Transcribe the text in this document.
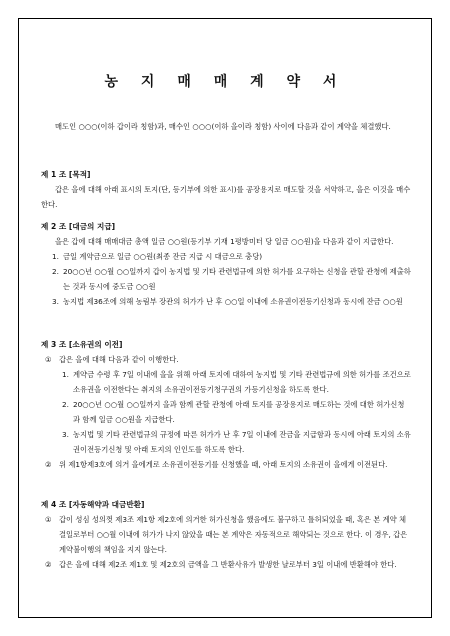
농 지 매 매 계 약 서
매도인 ○○○(이하 갑이라 칭함)과, 매수인 ○○○(이하 을이라 칭함) 사이에 다음과 같이 계약을 체결했다.
제 1 조 [목적]
갑은 을에 대해 아래 표시의 토지(단, 등기부에 의한 표시)를 공장용지로 매도할 것을 서약하고, 을은 이것을 매수한다.
제 2 조 [대금의 지급]
을은 갑에 대해 매매대금 총액 일금 ○○원(등기부 기재 1평방미터 당 일금 ○○원)을 다음과 같이 지급한다.
1. 금일 계약금으로 일금 ○○원(최종 잔금 지급 시 대금으로 충당)
2. 20○○년 ○○월 ○○일까지 갑이 농지법 및 기타 관련법규에 의한 허가를 요구하는 신청을 관할 관청에 제출하는 것과 동시에 중도금 ○○원
3. 농지법 제36조에 의해 농림부 장관의 허가가 난 후 ○○일 이내에 소유권이전등기신청과 동시에 잔금 ○○원
제 3 조 [소유권의 이전]
①	갑은 을에 대해 다음과 같이 이행한다.
1. 계약금 수령 후 7일 이내에 을을 위해 아래 토지에 대하여 농지법 및 기타 관련법규에 의한 허가를 조건으로 소유권을 이전한다는 취지의 소유권이전등기청구권의 가등기신청을 하도록 한다.
2. 20○○년 ○○월 ○○일까지 을과 함께 관할 관청에 아래 토지를 공장용지로 매도하는 것에 대한 허가신청과 함께 일금 ○○원을 지급한다.
3. 농지법 및 기타 관련법규의 규정에 따른 허가가 난 후 7일 이내에 잔금을 지급함과 동시에 아래 토지의 소유권이전등기신청 및 아래 토지의 인인도를 하도록 한다.
②	위 제1항제3호에 의거 을에게로 소유권이전등기를 신청했을 때, 아래 토지의 소유권이 을에게 이전된다.
제 4 조 [자동해약과 대금반환]
①	갑이 성심 성의껏 제3조 제1항 제2호에 의거한 허가신청을 했음에도 불구하고 틀허되었을 때, 혹은 본 계약 체결일로부터 ○○월 이내에 허가가 나지 않았을 때는 본 계약은 자동적으로 해약되는 것으로 한다. 이 경우, 갑은 계약불이행의 책임을 지지 않는다.
②	갑은 을에 대해 제2조 제1호 및 제2호의 금액을 그 반환사유가 발생한 날로부터 3일 이내에 반환해야 한다.
